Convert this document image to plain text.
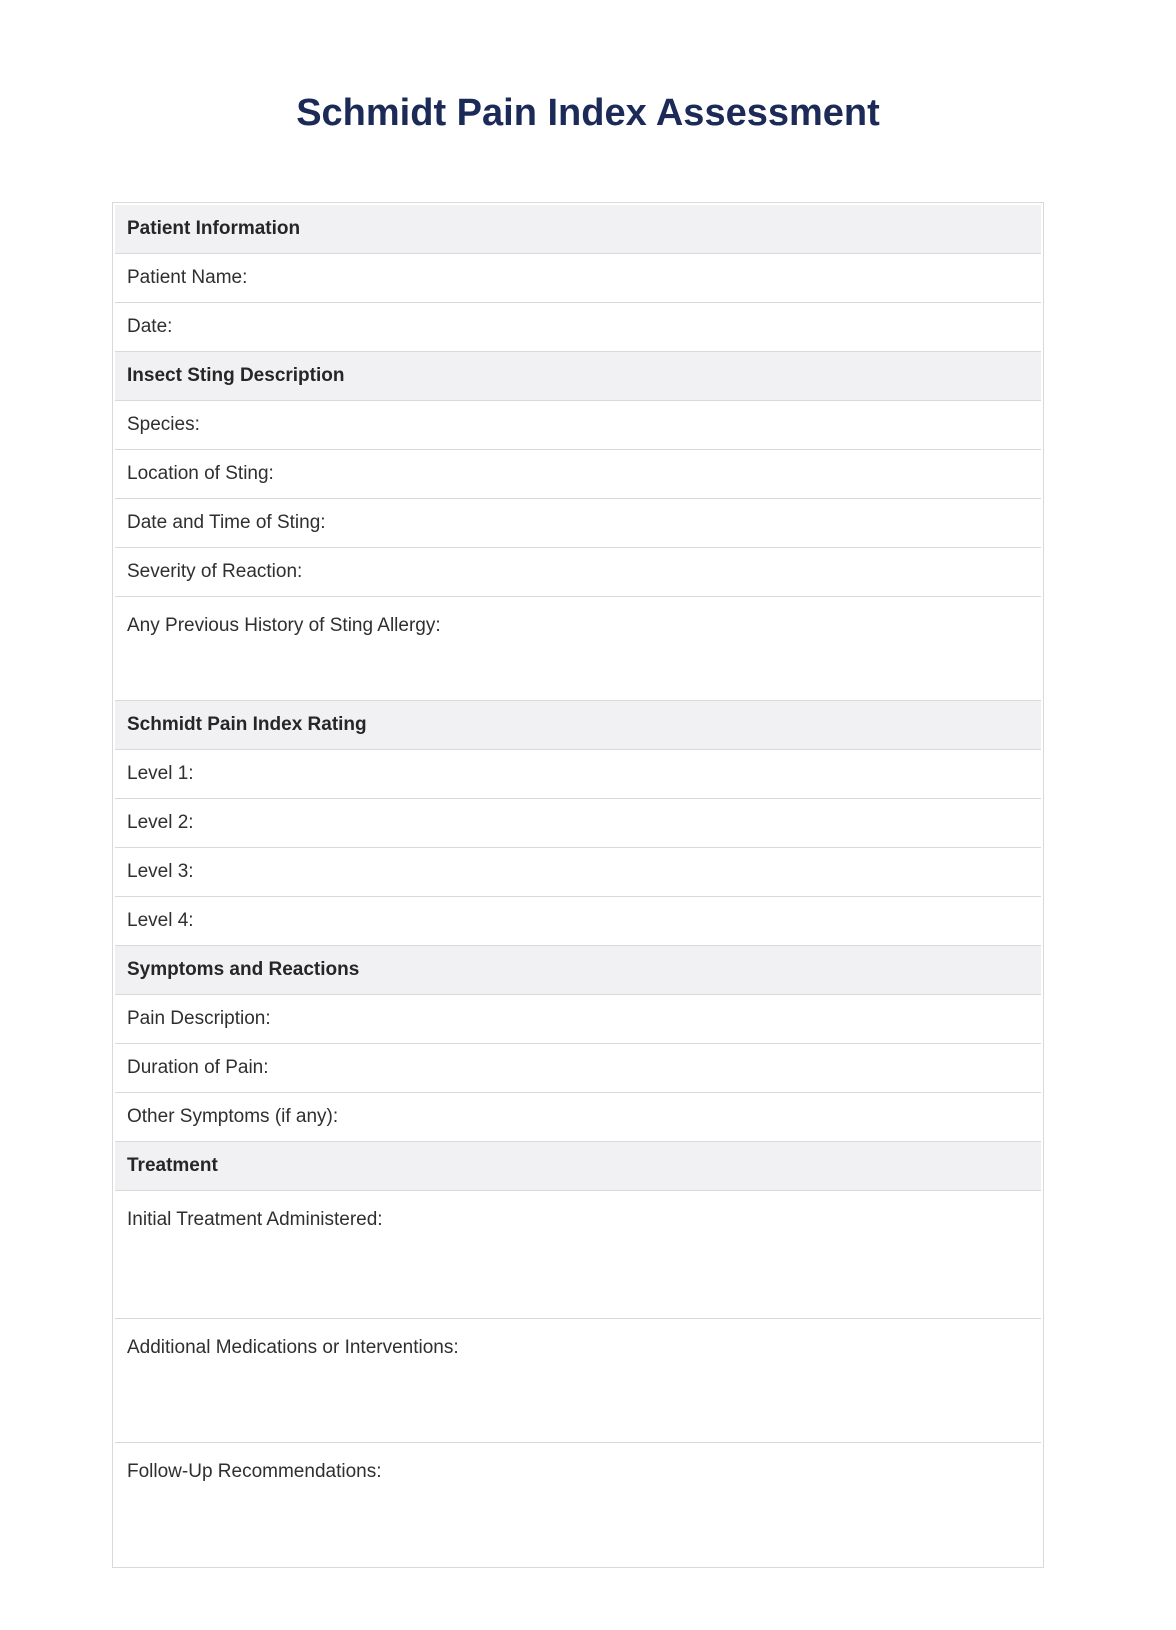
Schmidt Pain Index Assessment
Patient Information
Patient Name:
Date:
Insect Sting Description
Species:
Location of Sting:
Date and Time of Sting:
Severity of Reaction:
Any Previous History of Sting Allergy:
Schmidt Pain Index Rating
Level 1:
Level 2:
Level 3:
Level 4:
Symptoms and Reactions
Pain Description:
Duration of Pain:
Other Symptoms (if any):
Treatment
Initial Treatment Administered:
Additional Medications or Interventions:
Follow-Up Recommendations:
